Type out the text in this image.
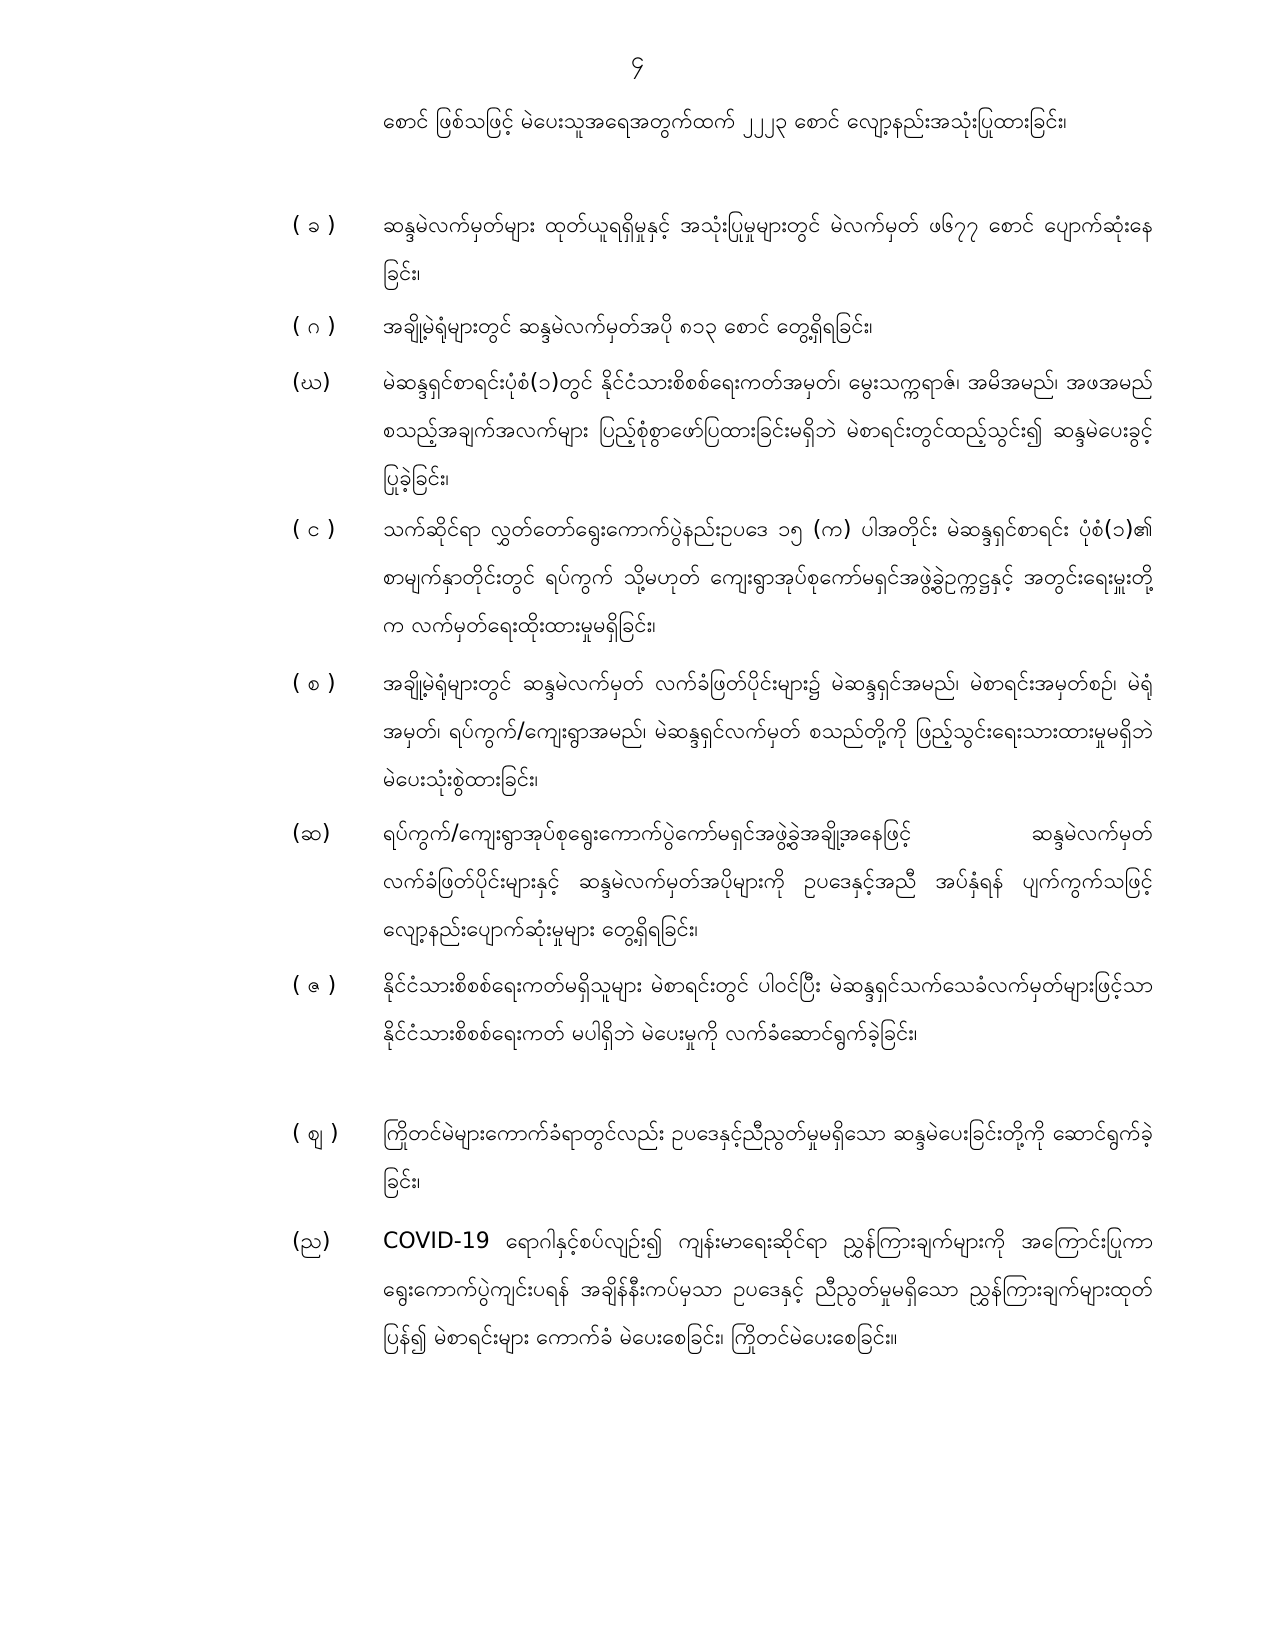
၄
စောင် ဖြစ်သဖြင့် မဲပေးသူအရေအတွက်ထက် ၂၂၂၃ စောင် လျော့နည်းအသုံးပြုထားခြင်း၊
( ခ )	ဆန္ဒမဲလက်မှတ်များ ထုတ်ယူရရှိမှုနှင့် အသုံးပြုမှုများတွင် မဲလက်မှတ် ဖ၆၇၇ စောင် ပျောက်ဆုံးနေခြင်း၊
( ဂ )	အချို့မဲရုံများတွင် ဆန္ဒမဲလက်မှတ်အပို ၈၁၃ စောင် တွေ့ရှိရခြင်း၊
(ဃ)	မဲဆန္ဒရှင်စာရင်းပုံစံ(၁)တွင် နိုင်ငံသားစိစစ်ရေးကတ်အမှတ်၊ မွေးသက္ကရာဇ်၊ အမိအမည်၊ အဖအမည် စသည့်အချက်အလက်များ ပြည့်စုံစွာဖော်ပြထားခြင်းမရှိဘဲ မဲစာရင်းတွင်ထည့်သွင်း၍ ဆန္ဒမဲပေးခွင့်ပြုခဲ့ခြင်း၊
( င )	သက်ဆိုင်ရာ လွှတ်တော်ရွေးကောက်ပွဲနည်းဥပဒေ ၁၅ (က) ပါအတိုင်း မဲဆန္ဒရှင်စာရင်း ပုံစံ(၁)၏ စာမျက်နှာတိုင်းတွင် ရပ်ကွက် သို့မဟုတ် ကျေးရွာအုပ်စုကော်မရှင်အဖွဲ့ခွဲဥက္ကဋ္ဌနှင့် အတွင်းရေးမှူးတို့က လက်မှတ်ရေးထိုးထားမှုမရှိခြင်း၊
( စ )	အချို့မဲရုံများတွင် ဆန္ဒမဲလက်မှတ် လက်ခံဖြတ်ပိုင်းများ၌ မဲဆန္ဒရှင်အမည်၊ မဲစာရင်းအမှတ်စဉ်၊ မဲရုံအမှတ်၊ ရပ်ကွက်/ကျေးရွာအမည်၊ မဲဆန္ဒရှင်လက်မှတ် စသည်တို့ကို ဖြည့်သွင်းရေးသားထားမှုမရှိဘဲ မဲပေးသုံးစွဲထားခြင်း၊
(ဆ)	ရပ်ကွက်/ကျေးရွာအုပ်စုရွေးကောက်ပွဲကော်မရှင်အဖွဲ့ခွဲအချို့အနေဖြင့် ဆန္ဒမဲလက်မှတ် လက်ခံဖြတ်ပိုင်းများနှင့် ဆန္ဒမဲလက်မှတ်အပိုများကို ဥပဒေနှင့်အညီ အပ်နှံရန် ပျက်ကွက်သဖြင့် လျော့နည်းပျောက်ဆုံးမှုများ တွေ့ရှိရခြင်း၊
( ဇ )	နိုင်ငံသားစိစစ်ရေးကတ်မရှိသူများ မဲစာရင်းတွင် ပါဝင်ပြီး မဲဆန္ဒရှင်သက်သေခံလက်မှတ်များဖြင့်သာ နိုင်ငံသားစိစစ်ရေးကတ် မပါရှိဘဲ မဲပေးမှုကို လက်ခံဆောင်ရွက်ခဲ့ခြင်း၊
( ဈ )	ကြိုတင်မဲများကောက်ခံရာတွင်လည်း ဥပဒေနှင့်ညီညွတ်မှုမရှိသော ဆန္ဒမဲပေးခြင်းတို့ကို ဆောင်ရွက်ခဲ့ခြင်း၊
(ည)	COVID-19 ရောဂါနှင့်စပ်လျဉ်း၍ ကျန်းမာရေးဆိုင်ရာ ညွှန်ကြားချက်များကို အကြောင်းပြုကာ ရွေးကောက်ပွဲကျင်းပရန် အချိန်နီးကပ်မှသာ ဥပဒေနှင့် ညီညွတ်မှုမရှိသော ညွှန်ကြားချက်များထုတ်ပြန်၍ မဲစာရင်းများ ကောက်ခံ မဲပေးစေခြင်း၊ ကြိုတင်မဲပေးစေခြင်း။
